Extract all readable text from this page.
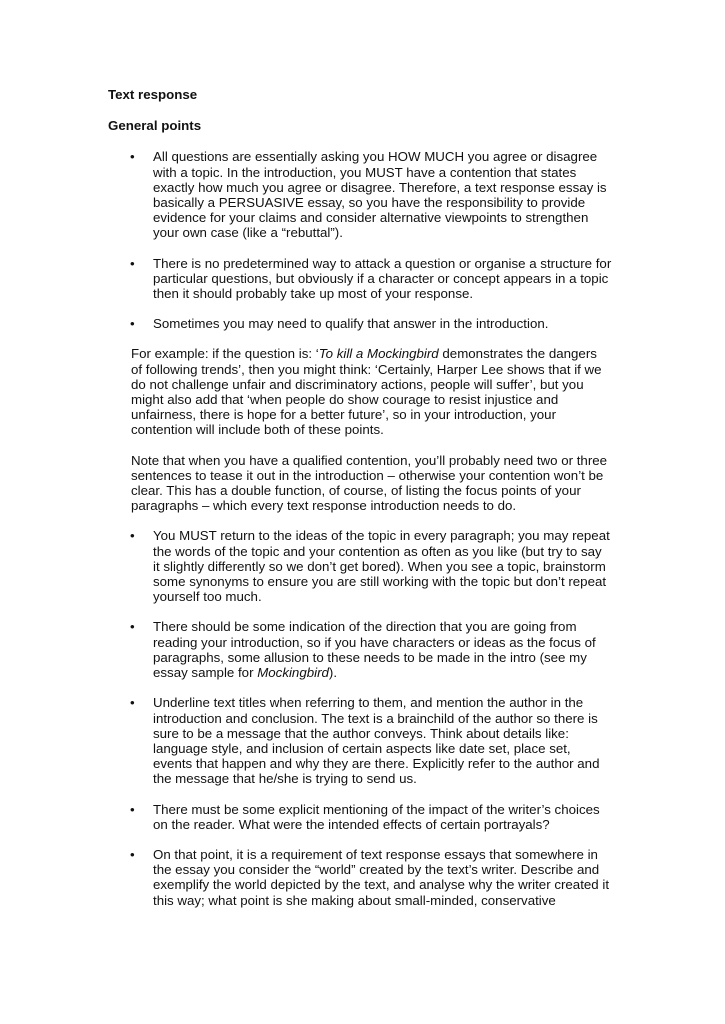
Text response

General points

• All questions are essentially asking you HOW MUCH you agree or disagree
with a topic. In the introduction, you MUST have a contention that states
exactly how much you agree or disagree. Therefore, a text response essay is
basically a PERSUASIVE essay, so you have the responsibility to provide
evidence for your claims and consider alternative viewpoints to strengthen
your own case (like a “rebuttal”).
• There is no predetermined way to attack a question or organise a structure for
particular questions, but obviously if a character or concept appears in a topic
then it should probably take up most of your response.
• Sometimes you may need to qualify that answer in the introduction.

For example: if the question is: ‘To kill a Mockingbird demonstrates the dangers
of following trends’, then you might think: ‘Certainly, Harper Lee shows that if we
do not challenge unfair and discriminatory actions, people will suffer’, but you
might also add that ‘when people do show courage to resist injustice and
unfairness, there is hope for a better future’, so in your introduction, your
contention will include both of these points.

Note that when you have a qualified contention, you’ll probably need two or three
sentences to tease it out in the introduction – otherwise your contention won’t be
clear. This has a double function, of course, of listing the focus points of your
paragraphs – which every text response introduction needs to do.

• You MUST return to the ideas of the topic in every paragraph; you may repeat
the words of the topic and your contention as often as you like (but try to say
it slightly differently so we don’t get bored). When you see a topic, brainstorm
some synonyms to ensure you are still working with the topic but don’t repeat
yourself too much.
• There should be some indication of the direction that you are going from
reading your introduction, so if you have characters or ideas as the focus of
paragraphs, some allusion to these needs to be made in the intro (see my
essay sample for Mockingbird).
• Underline text titles when referring to them, and mention the author in the
introduction and conclusion. The text is a brainchild of the author so there is
sure to be a message that the author conveys. Think about details like:
language style, and inclusion of certain aspects like date set, place set,
events that happen and why they are there. Explicitly refer to the author and
the message that he/she is trying to send us.
• There must be some explicit mentioning of the impact of the writer’s choices
on the reader. What were the intended effects of certain portrayals?
• On that point, it is a requirement of text response essays that somewhere in
the essay you consider the “world” created by the text’s writer. Describe and
exemplify the world depicted by the text, and analyse why the writer created it
this way; what point is she making about small-minded, conservative
